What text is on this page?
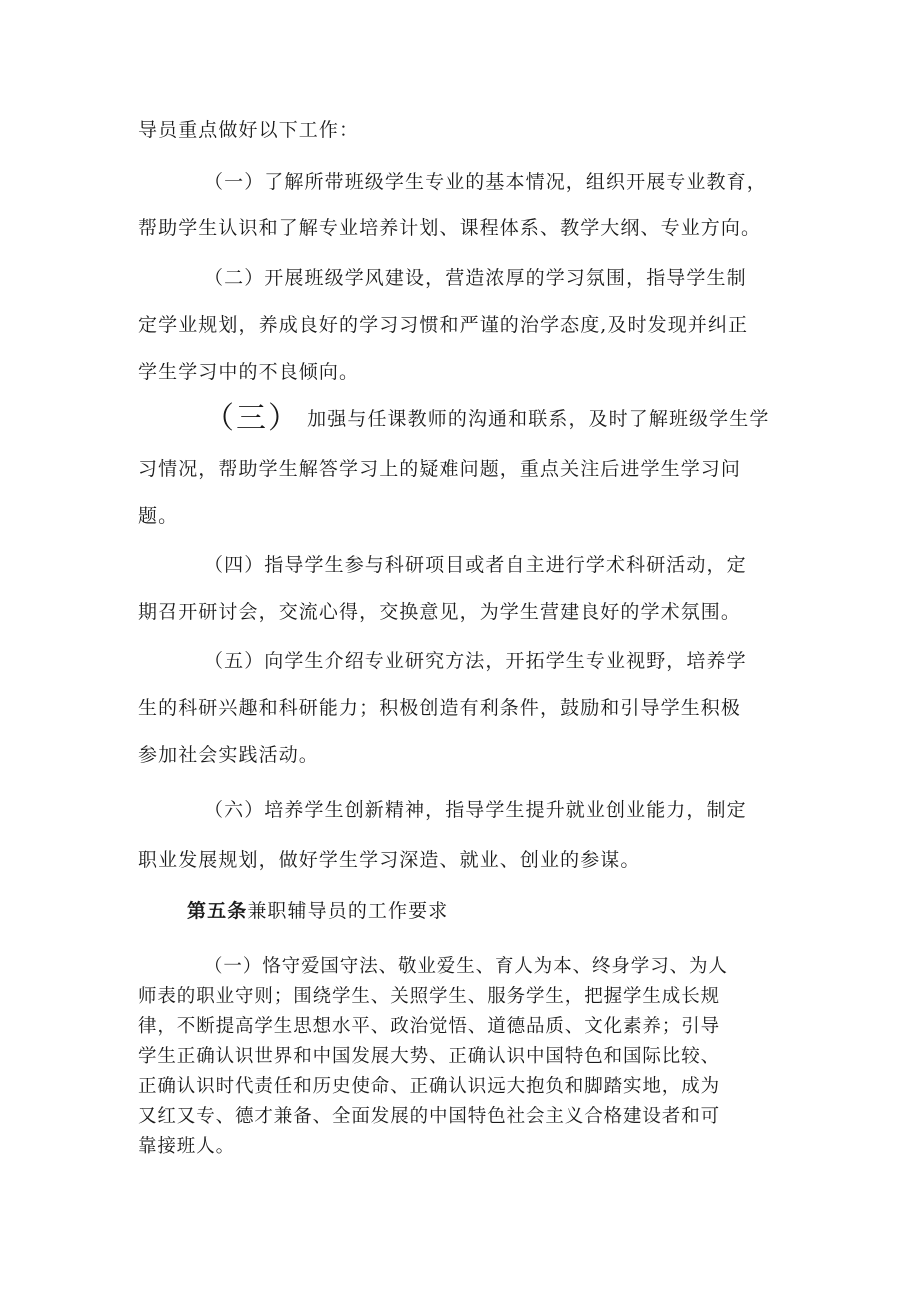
导员重点做好以下工作：
（一）了解所带班级学生专业的基本情况，组织开展专业教育，
帮助学生认识和了解专业培养计划、课程体系、教学大纲、专业方向。
（二）开展班级学风建设，营造浓厚的学习氛围，指导学生制
定学业规划，养成良好的学习习惯和严谨的治学态度,及时发现并纠正
学生学习中的不良倾向。
（三） 加强与任课教师的沟通和联系，及时了解班级学生学
习情况，帮助学生解答学习上的疑难问题，重点关注后进学生学习问
题。
（四）指导学生参与科研项目或者自主进行学术科研活动，定
期召开研讨会，交流心得，交换意见，为学生营建良好的学术氛围。
（五）向学生介绍专业研究方法，开拓学生专业视野，培养学
生的科研兴趣和科研能力；积极创造有利条件，鼓励和引导学生积极
参加社会实践活动。
（六）培养学生创新精神，指导学生提升就业创业能力，制定
职业发展规划，做好学生学习深造、就业、创业的参谋。
第五条兼职辅导员的工作要求
（一）恪守爱国守法、敬业爱生、育人为本、终身学习、为人
师表的职业守则；围绕学生、关照学生、服务学生，把握学生成长规
律，不断提高学生思想水平、政治觉悟、道德品质、文化素养；引导
学生正确认识世界和中国发展大势、正确认识中国特色和国际比较、
正确认识时代责任和历史使命、正确认识远大抱负和脚踏实地，成为
又红又专、德才兼备、全面发展的中国特色社会主义合格建设者和可
靠接班人。
